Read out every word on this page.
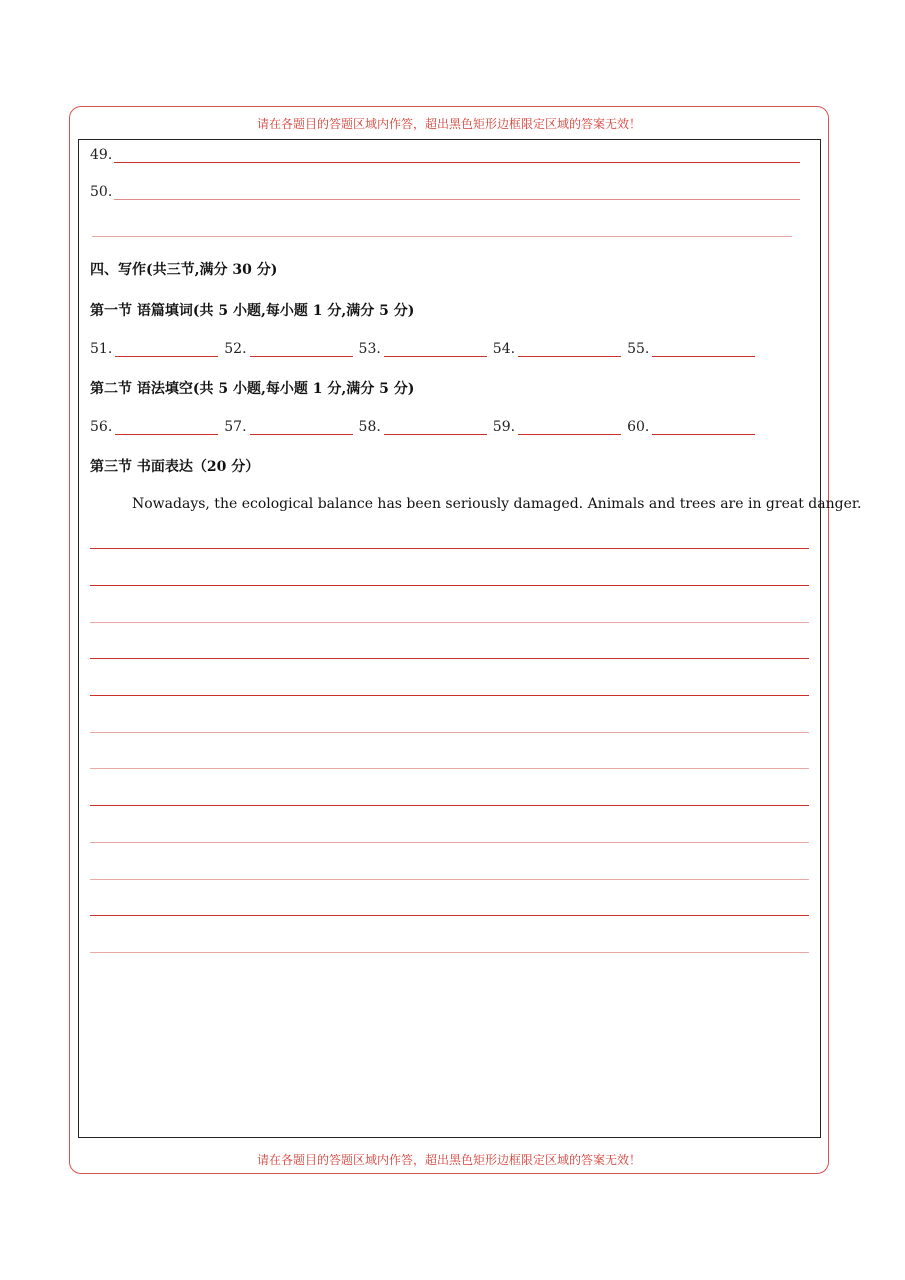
请在各题目的答题区域内作答，超出黑色矩形边框限定区域的答案无效！
49.
50.
四、写作(共三节,满分 30 分)
第一节 语篇填词(共 5 小题,每小题 1 分,满分 5 分)
51.	52.	53.	54.	55.
第二节 语法填空(共 5 小题,每小题 1 分,满分 5 分)
56.	57.	58.	59.	60.
第三节 书面表达（20 分）
Nowadays, the ecological balance has been seriously damaged. Animals and trees are in great danger.
请在各题目的答题区域内作答，超出黑色矩形边框限定区域的答案无效！
